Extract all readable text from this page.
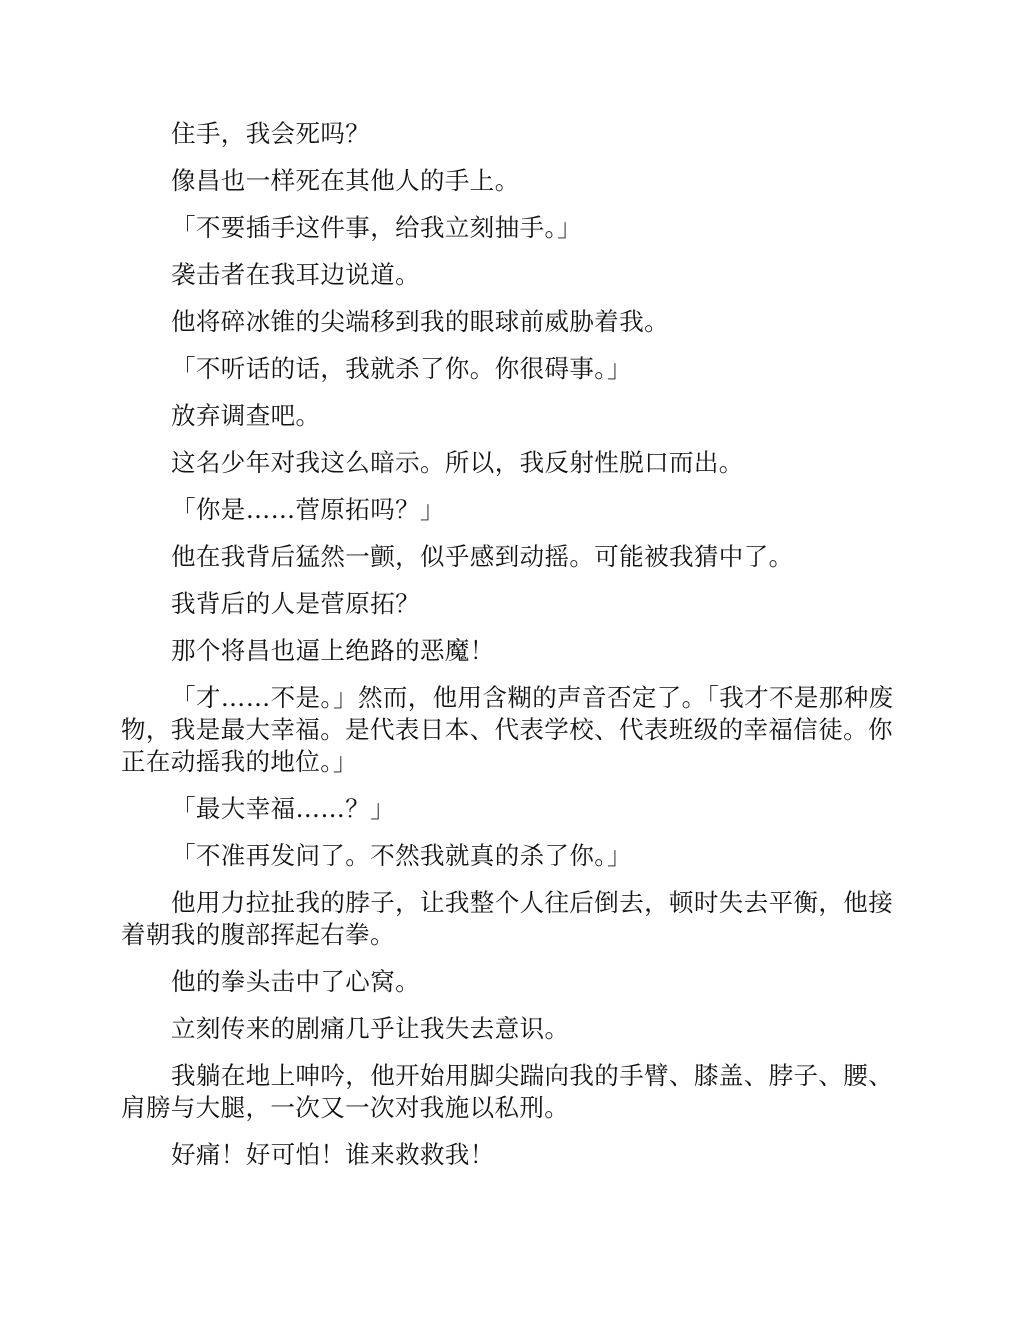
住手，我会死吗？

像昌也一样死在其他人的手上。

「不要插手这件事，给我立刻抽手。」

袭击者在我耳边说道。

他将碎冰锥的尖端移到我的眼球前威胁着我。

「不听话的话，我就杀了你。你很碍事。」

放弃调查吧。

这名少年对我这么暗示。所以，我反射性脱口而出。

「你是……菅原拓吗？」

他在我背后猛然一颤，似乎感到动摇。可能被我猜中了。

我背后的人是菅原拓？

那个将昌也逼上绝路的恶魔！

「才……不是。」然而，他用含糊的声音否定了。「我才不是那种废物，我是最大幸福。是代表日本、代表学校、代表班级的幸福信徒。你正在动摇我的地位。」

「最大幸福……？」

「不准再发问了。不然我就真的杀了你。」

他用力拉扯我的脖子，让我整个人往后倒去，顿时失去平衡，他接着朝我的腹部挥起右拳。

他的拳头击中了心窝。

立刻传来的剧痛几乎让我失去意识。

我躺在地上呻吟，他开始用脚尖踹向我的手臂、膝盖、脖子、腰、肩膀与大腿，一次又一次对我施以私刑。

好痛！好可怕！谁来救救我！
